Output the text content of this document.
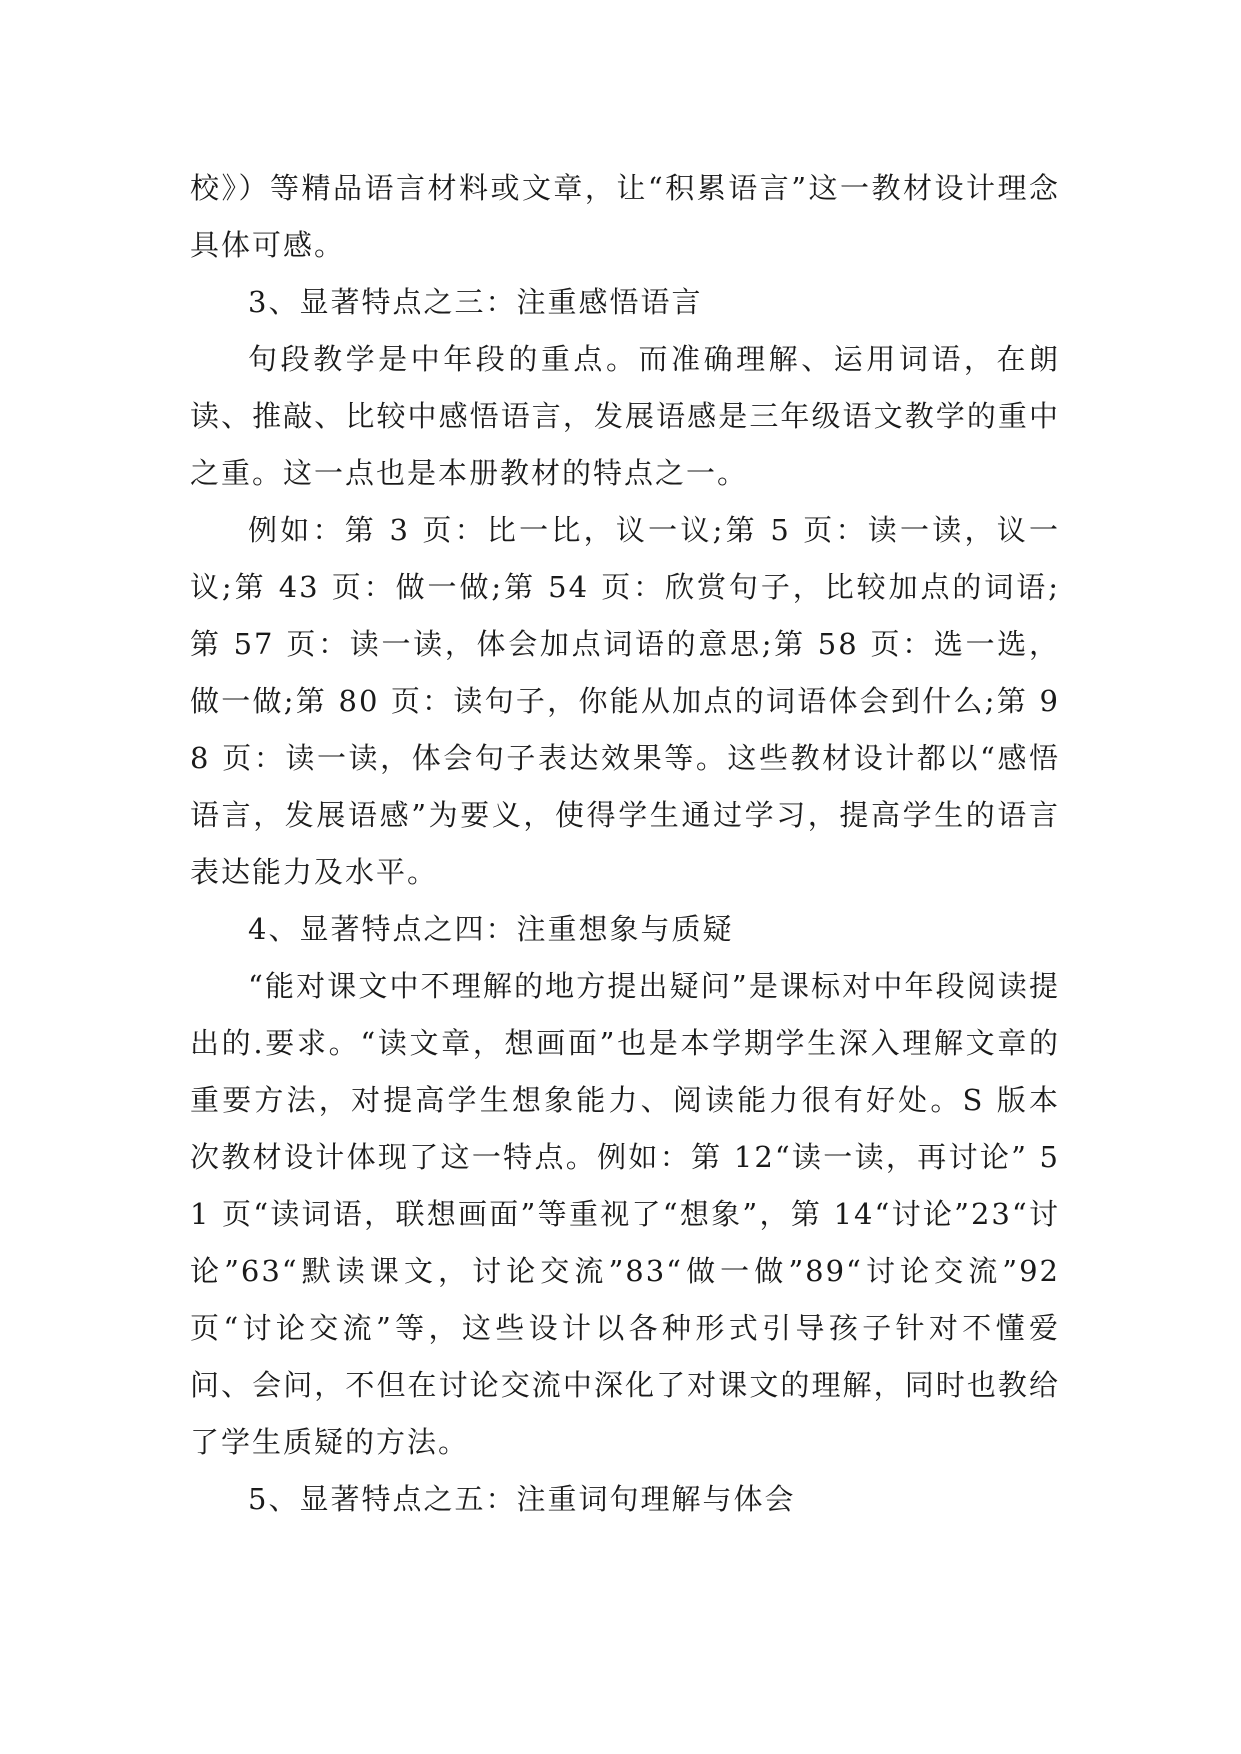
校》）等精品语言材料或文章，让“积累语言”这一教材设计理念具体可感。

3、显著特点之三：注重感悟语言

句段教学是中年段的重点。而准确理解、运用词语，在朗读、推敲、比较中感悟语言，发展语感是三年级语文教学的重中之重。这一点也是本册教材的特点之一。

例如：第 3 页：比一比，议一议;第 5 页：读一读，议一议;第 43 页：做一做;第 54 页：欣赏句子，比较加点的词语;第 57 页：读一读，体会加点词语的意思;第 58 页：选一选，做一做;第 80 页：读句子，你能从加点的词语体会到什么;第 98 页：读一读，体会句子表达效果等。这些教材设计都以“感悟语言，发展语感”为要义，使得学生通过学习，提高学生的语言表达能力及水平。

4、显著特点之四：注重想象与质疑

“能对课文中不理解的地方提出疑问”是课标对中年段阅读提出的.要求。“读文章，想画面”也是本学期学生深入理解文章的重要方法，对提高学生想象能力、阅读能力很有好处。S 版本次教材设计体现了这一特点。例如：第 12“读一读，再讨论” 51 页“读词语，联想画面”等重视了“想象”，第 14“讨论”23“讨论”63“默读课文，讨论交流”83“做一做”89“讨论交流”92 页“讨论交流”等，这些设计以各种形式引导孩子针对不懂爱问、会问，不但在讨论交流中深化了对课文的理解，同时也教给了学生质疑的方法。

5、显著特点之五：注重词句理解与体会
